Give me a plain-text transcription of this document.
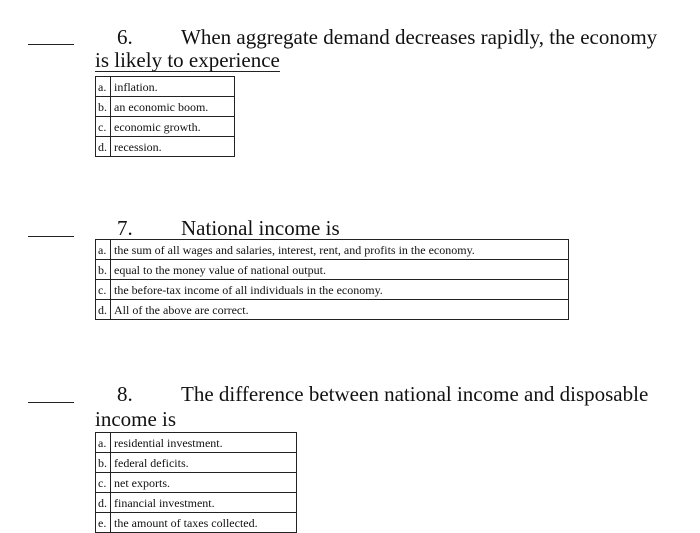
6. When aggregate demand decreases rapidly, the economy
is likely to experience
a.	inflation.
b.	an economic boom.
c.	economic growth.
d.	recession.
7. National income is
a.	the sum of all wages and salaries, interest, rent, and profits in the economy.
b.	equal to the money value of national output.
c.	the before-tax income of all individuals in the economy.
d.	All of the above are correct.
8. The difference between national income and disposable
income is
a.	residential investment.
b.	federal deficits.
c.	net exports.
d.	financial investment.
e.	the amount of taxes collected.
